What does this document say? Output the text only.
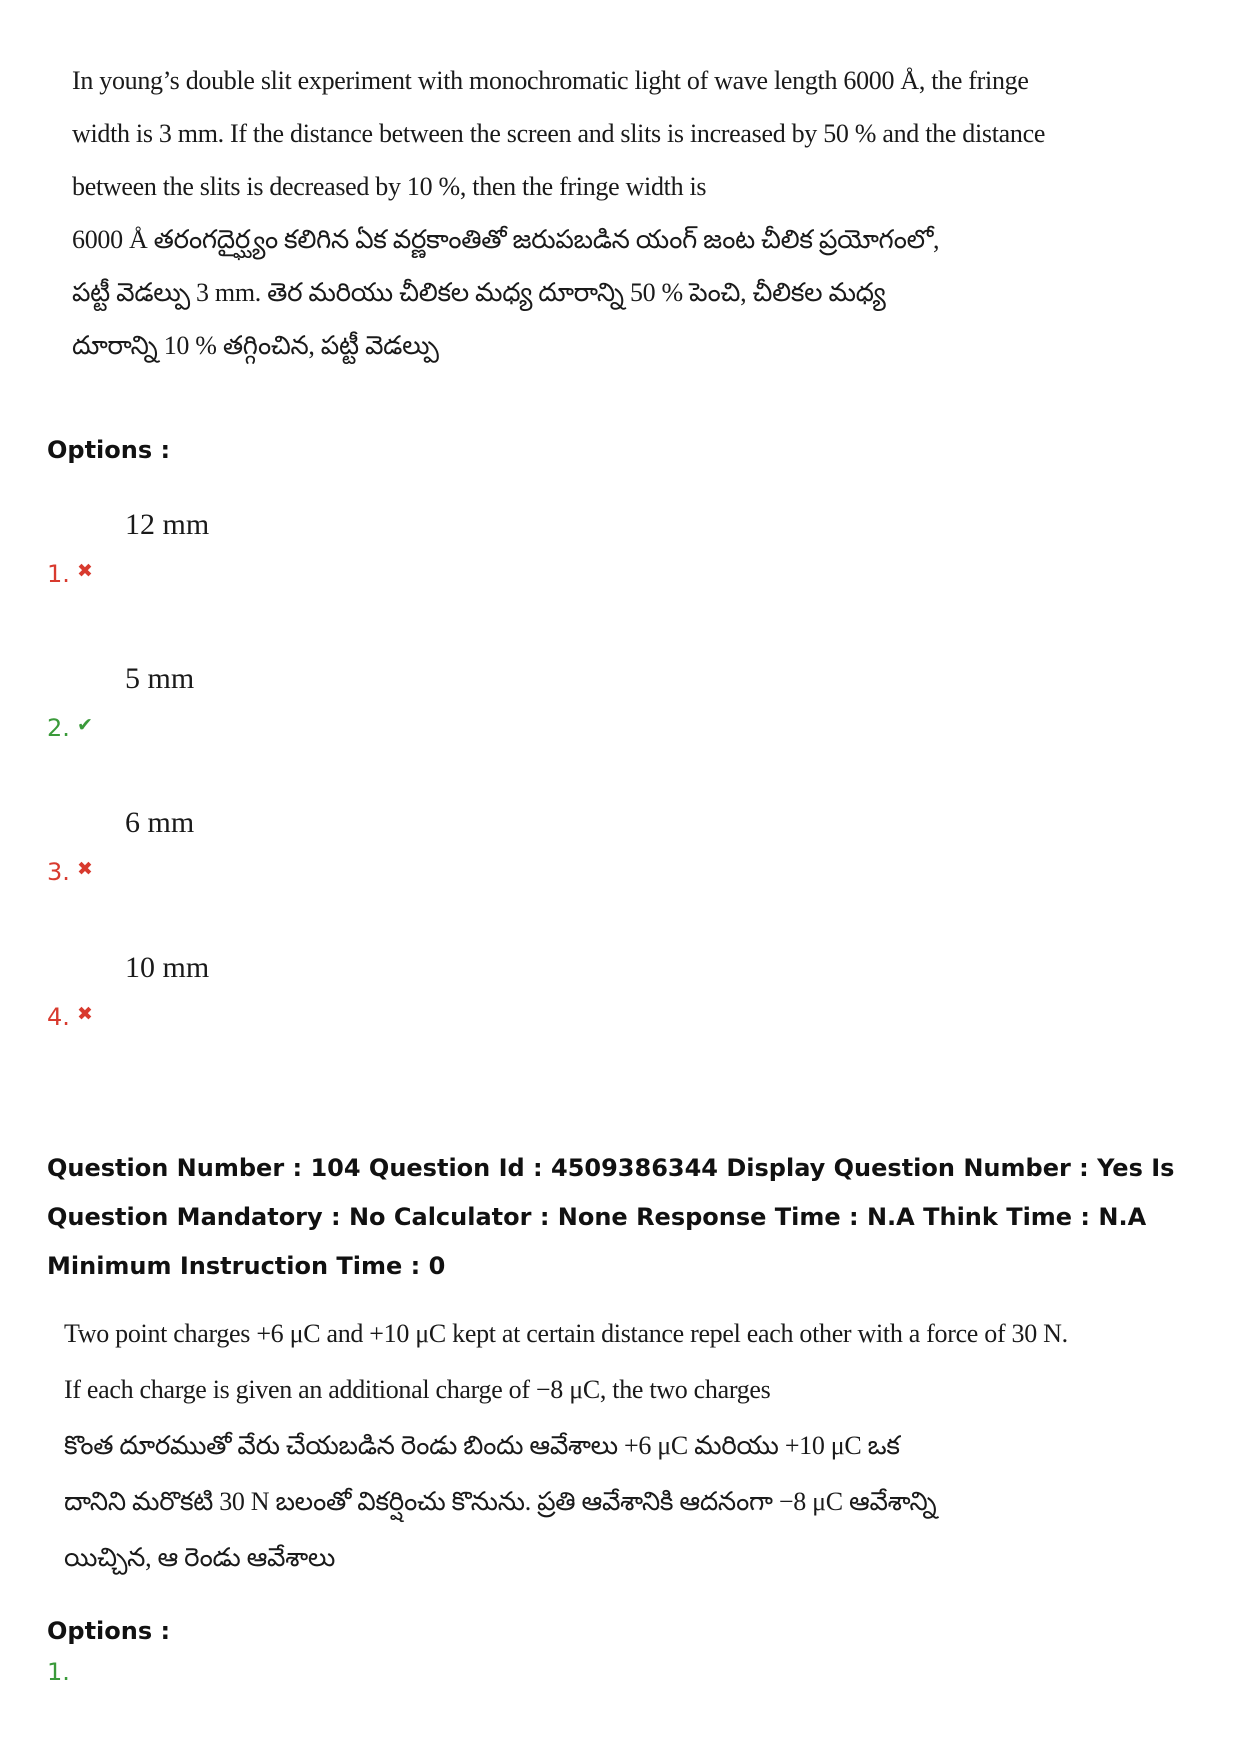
In young’s double slit experiment with monochromatic light of wave length 6000 Å, the fringe
width is 3 mm. If the distance between the screen and slits is increased by 50 % and the distance
between the slits is decreased by 10 %, then the fringe width is
6000 Å తరంగదైర్ఘ్యం కలిగిన ఏక వర్ణకాంతితో జరుపబడిన యంగ్ జంట చీలిక ప్రయోగంలో,
పట్టీ వెడల్పు 3 mm. తెర మరియు చీలికల మధ్య దూరాన్ని 50 % పెంచి, చీలికల మధ్య
దూరాన్ని 10 % తగ్గించిన, పట్టీ వెడల్పు
Options :
1. ✖
12 mm
2. ✔
5 mm
3. ✖
6 mm
4. ✖
10 mm
Question Number : 104 Question Id : 4509386344 Display Question Number : Yes Is Question Mandatory : No Calculator : None Response Time : N.A Think Time : N.A Minimum Instruction Time : 0
Two point charges +6 μC and +10 μC kept at certain distance repel each other with a force of 30 N.
If each charge is given an additional charge of −8 μC, the two charges
కొంత దూరముతో వేరు చేయబడిన రెండు బిందు ఆవేశాలు +6 μC మరియు +10 μC ఒక
దానిని మరొకటి 30 N బలంతో వికర్షించు కొనును. ప్రతి ఆవేశానికి ఆదనంగా −8 μC ఆవేశాన్ని
యిచ్చిన, ఆ రెండు ఆవేశాలు
Options :
1.
